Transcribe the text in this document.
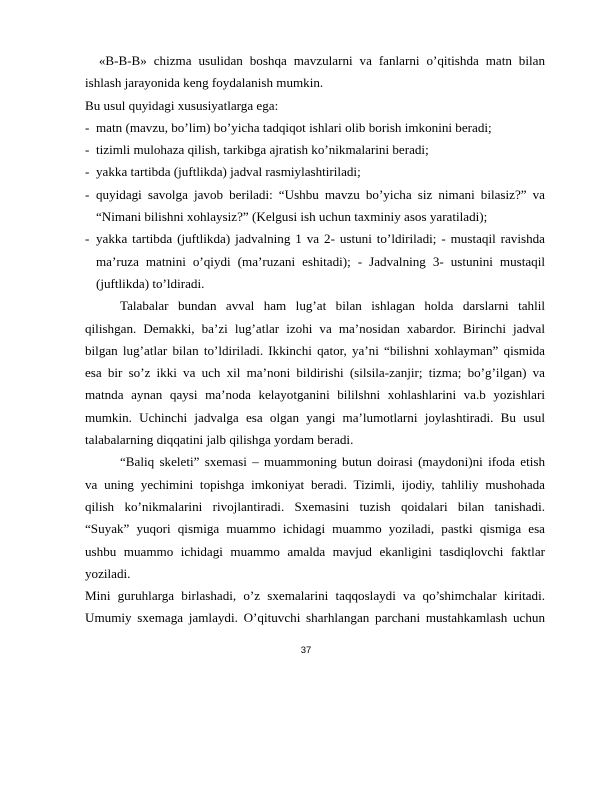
«B-B-B» chizma usulidan boshqa mavzularni va fanlarni o’qitishda matn bilan
ishlash jarayonida keng foydalanish mumkin.
Bu usul quyidagi xususiyatlarga ega:
- matn (mavzu, bo’lim) bo’yicha tadqiqot ishlari olib borish imkonini beradi;
- tizimli mulohaza qilish, tarkibga ajratish ko’nikmalarini beradi;
- yakka tartibda (juftlikda) jadval rasmiylashtiriladi;
- quyidagi savolga javob beriladi: “Ushbu mavzu bo’yicha siz nimani bilasiz?” va
“Nimani bilishni xohlaysiz?” (Kelgusi ish uchun taxminiy asos yaratiladi);
- yakka tartibda (juftlikda) jadvalning 1 va 2- ustuni to’ldiriladi; - mustaqil ravishda
ma’ruza matnini o’qiydi (ma’ruzani eshitadi); - Jadvalning 3- ustunini mustaqil
(juftlikda) to’ldiradi.
Talabalar bundan avval ham lug’at bilan ishlagan holda darslarni tahlil
qilishgan. Demakki, ba’zi lug’atlar izohi va ma’nosidan xabardor. Birinchi jadval
bilgan lug’atlar bilan to’ldiriladi. Ikkinchi qator, ya’ni “bilishni xohlayman” qismida
esa bir so’z ikki va uch xil ma’noni bildirishi (silsila-zanjir; tizma; bo’g’ilgan) va
matnda aynan qaysi ma’noda kelayotganini bililshni xohlashlarini va.b yozishlari
mumkin. Uchinchi jadvalga esa olgan yangi ma’lumotlarni joylashtiradi. Bu usul
talabalarning diqqatini jalb qilishga yordam beradi.
“Baliq skeleti” sxemasi – muammoning butun doirasi (maydoni)ni ifoda etish
va uning yechimini topishga imkoniyat beradi. Tizimli, ijodiy, tahliliy mushohada
qilish ko’nikmalarini rivojlantiradi. Sxemasini tuzish qoidalari bilan tanishadi.
“Suyak” yuqori qismiga muammo ichidagi muammo yoziladi, pastki qismiga esa
ushbu muammo ichidagi muammo amalda mavjud ekanligini tasdiqlovchi faktlar
yoziladi.
Mini guruhlarga birlashadi, o’z sxemalarini taqqoslaydi va qo’shimchalar kiritadi.
Umumiy sxemaga jamlaydi. O’qituvchi sharhlangan parchani mustahkamlash uchun
37
